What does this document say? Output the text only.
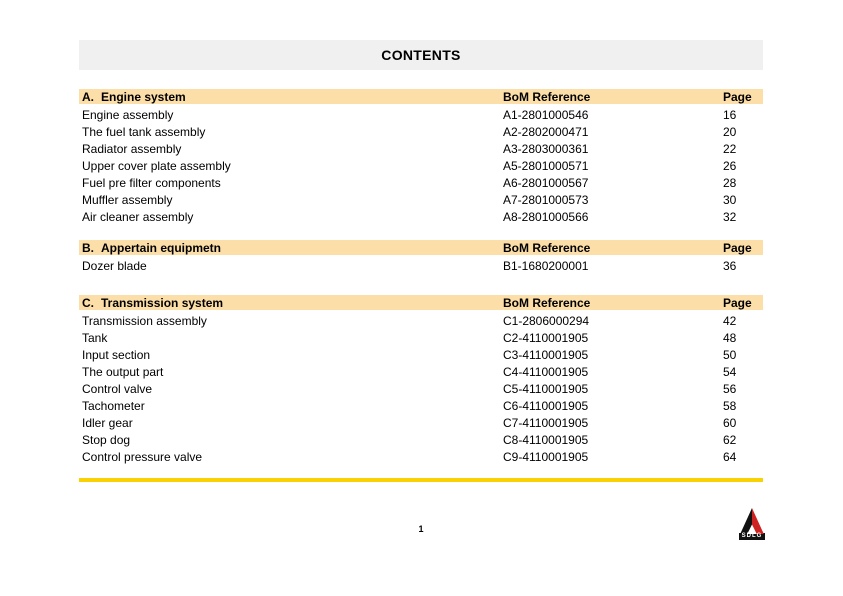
CONTENTS
A. Engine system	BoM Reference	Page
Engine assembly	A1-2801000546	16
The fuel tank assembly	A2-2802000471	20
Radiator assembly	A3-2803000361	22
Upper cover plate assembly	A5-2801000571	26
Fuel pre filter components	A6-2801000567	28
Muffler assembly	A7-2801000573	30
Air cleaner assembly	A8-2801000566	32
B. Appertain equipmetn	BoM Reference	Page
Dozer blade	B1-1680200001	36
C. Transmission system	BoM Reference	Page
Transmission assembly	C1-2806000294	42
Tank	C2-4110001905	48
Input section	C3-4110001905	50
The output part	C4-4110001905	54
Control valve	C5-4110001905	56
Tachometer	C6-4110001905	58
Idler gear	C7-4110001905	60
Stop dog	C8-4110001905	62
Control pressure valve	C9-4110001905	64
1
SDLG
